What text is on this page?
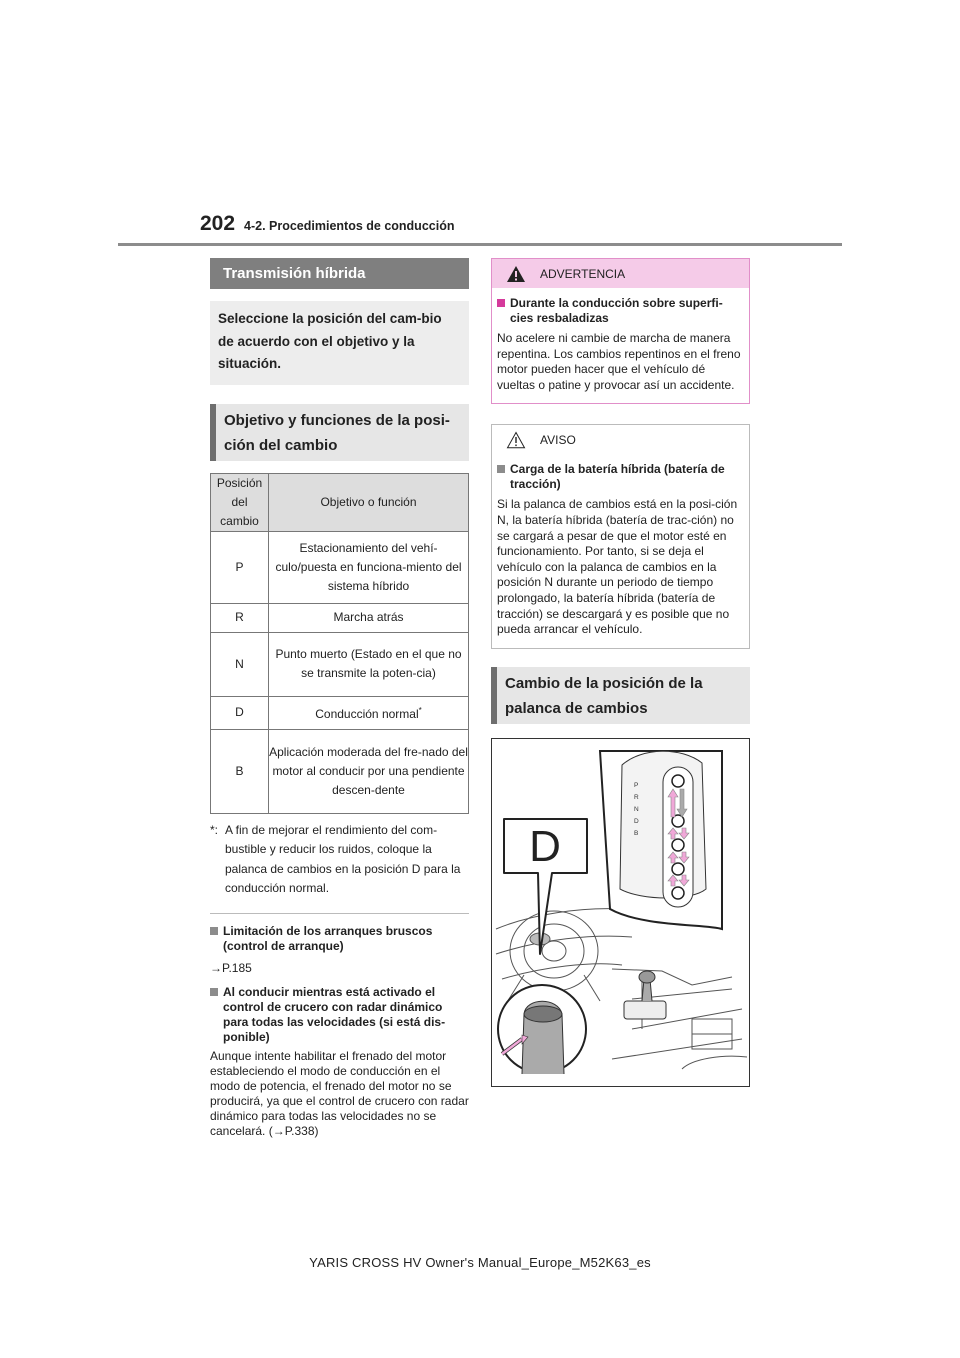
202 4-2. Procedimientos de conducción
Transmisión híbrida
Seleccione la posición del cam-bio de acuerdo con el objetivo y la situación.
Objetivo y funciones de la posi-ción del cambio
Posición del cambio	Objetivo o función
P	Estacionamiento del vehí-culo/puesta en funciona-miento del sistema híbrido
R	Marcha atrás
N	Punto muerto (Estado en el que no se transmite la poten-cia)
D	Conducción normal*
B	Aplicación moderada del fre-nado del motor al conducir por una pendiente descen-dente
*: A fin de mejorar el rendimiento del com-bustible y reducir los ruidos, coloque la palanca de cambios en la posición D para la conducción normal.
Limitación de los arranques bruscos (control de arranque)
→P.185
Al conducir mientras está activado el control de crucero con radar dinámico para todas las velocidades (si está dis-ponible)
Aunque intente habilitar el frenado del motor estableciendo el modo de conducción en el modo de potencia, el frenado del motor no se producirá, ya que el control de crucero con radar dinámico para todas las velocidades no se cancelará. (→P.338)
ADVERTENCIA
Durante la conducción sobre superfi-cies resbaladizas
No acelere ni cambie de marcha de manera repentina. Los cambios repentinos en el freno motor pueden hacer que el vehículo dé vueltas o patine y provocar así un accidente.
AVISO
Carga de la batería híbrida (batería de tracción)
Si la palanca de cambios está en la posi-ción N, la batería híbrida (batería de trac-ción) no se cargará a pesar de que el motor esté en funcionamiento. Por tanto, si se deja el vehículo con la palanca de cambios en la posición N durante un periodo de tiempo prolongado, la batería híbrida (batería de tracción) se descargará y es posible que no pueda arrancar el vehículo.
Cambio de la posición de la palanca de cambios
P
R
N
D
B
D
YARIS CROSS HV Owner's Manual_Europe_M52K63_es
